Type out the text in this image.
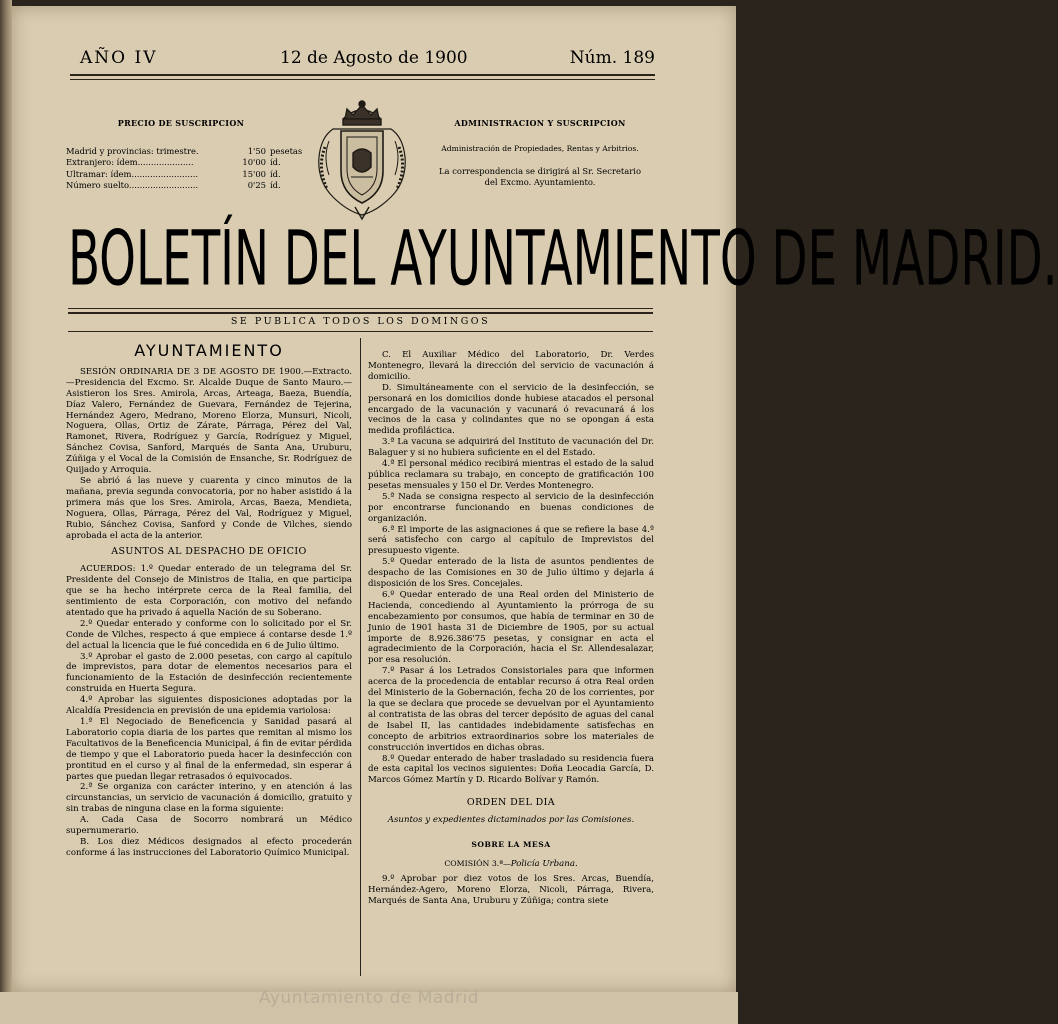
AÑO IV	12 de Agosto de 1900	Núm. 189
PRECIO DE SUSCRIPCION
Madrid y provincias: trimestre.	1'50 pesetas
Extranjero: ídem.....................	10'00 íd.
Ultramar: ídem.........................	15'00 íd.
Número suelto..........................	0'25 íd.
ADMINISTRACION Y SUSCRIPCION
Administración de Propiedades, Rentas y Arbitrios.
La correspondencia se dirigirá al Sr. Secretario
del Excmo. Ayuntamiento.
BOLETÍN DEL AYUNTAMIENTO DE MADRID.
SE PUBLICA TODOS LOS DOMINGOS
AYUNTAMIENTO

SESIÓN ORDINARIA DE 3 DE AGOSTO DE 1900.—Extracto.—Presidencia del Excmo. Sr. Alcalde Duque de Santo Mauro.—Asistieron los Sres. Amirola, Arcas, Arteaga, Baeza, Buendía, Díaz Valero, Fernández de Guevara, Fernández de Tejerina, Hernández Agero, Medrano, Moreno Elorza, Munsuri, Nicoli, Noguera, Ollas, Ortiz de Zárate, Párraga, Pérez del Val, Ramonet, Rivera, Rodríguez y García, Rodríguez y Miguel, Sánchez Covisa, Sanford, Marqués de Santa Ana, Uruburu, Zúñiga y el Vocal de la Comisión de Ensanche, Sr. Rodríguez de Quijado y Arroquia.

Se abrió á las nueve y cuarenta y cinco minutos de la mañana, previa segunda convocatoria, por no haber asistido á la primera más que los Sres. Amirola, Arcas, Baeza, Mendieta, Noguera, Ollas, Párraga, Pérez del Val, Rodríguez y Miguel, Rubio, Sánchez Covisa, Sanford y Conde de Vilches, siendo aprobada el acta de la anterior.

ASUNTOS AL DESPACHO DE OFICIO

ACUERDOS: 1.º Quedar enterado de un telegrama del Sr. Presidente del Consejo de Ministros de Italia, en que participa que se ha hecho intérprete cerca de la Real familia, del sentimiento de esta Corporación, con motivo del nefando atentado que ha privado á aquella Nación de su Soberano.

2.º Quedar enterado y conforme con lo solicitado por el Sr. Conde de Vilches, respecto á que empiece á contarse desde 1.º del actual la licencia que le fué concedida en 6 de Julio último.

3.º Aprobar el gasto de 2.000 pesetas, con cargo al capítulo de imprevistos, para dotar de elementos necesarios para el funcionamiento de la Estación de desinfección recientemente construida en Huerta Segura.

4.º Aprobar las siguientes disposiciones adoptadas por la Alcaldía Presidencia en previsión de una epidemia variolosa:

1.ª El Negociado de Beneficencia y Sanidad pasará al Laboratorio copia diaria de los partes que remitan al mismo los Facultativos de la Beneficencia Municipal, á fin de evitar pérdida de tiempo y que el Laboratorio pueda hacer la desinfección con prontitud en el curso y al final de la enfermedad, sin esperar á partes que puedan llegar retrasados ó equivocados.

2.ª Se organiza con carácter interino, y en atención á las circunstancias, un servicio de vacunación á domicilio, gratuito y sin trabas de ninguna clase en la forma siguiente:

A. Cada Casa de Socorro nombrará un Médico supernumerario.

B. Los diez Médicos designados al efecto procederán conforme á las instrucciones del Laboratorio Químico Municipal.

C. El Auxiliar Médico del Laboratorio, Dr. Verdes Montenegro, llevará la dirección del servicio de vacunación á domicilio.

D. Simultáneamente con el servicio de la desinfección, se personará en los domicilios donde hubiese atacados el personal encargado de la vacunación y vacunará ó revacunará á los vecinos de la casa y colindantes que no se opongan á esta medida profiláctica.

3.ª La vacuna se adquirirá del Instituto de vacunación del Dr. Balaguer y si no hubiera suficiente en el del Estado.

4.ª El personal médico recibirá mientras el estado de la salud pública reclamara su trabajo, en concepto de gratificación 100 pesetas mensuales y 150 el Dr. Verdes Montenegro.

5.ª Nada se consigna respecto al servicio de la desinfección por encontrarse funcionando en buenas condiciones de organización.

6.ª El importe de las asignaciones á que se refiere la base 4.ª será satisfecho con cargo al capítulo de Imprevistos del presupuesto vigente.

5.º Quedar enterado de la lista de asuntos pendientes de despacho de las Comisiones en 30 de Julio último y dejarla á disposición de los Sres. Concejales.

6.º Quedar enterado de una Real orden del Ministerio de Hacienda, concediendo al Ayuntamiento la prórroga de su encabezamiento por consumos, que había de terminar en 30 de Junio de 1901 hasta 31 de Diciembre de 1905, por su actual importe de 8.926.386'75 pesetas, y consignar en acta el agradecimiento de la Corporación, hacia el Sr. Allendesalazar, por esa resolución.

7.º Pasar á los Letrados Consistoriales para que informen acerca de la procedencia de entablar recurso á otra Real orden del Ministerio de la Gobernación, fecha 20 de los corrientes, por la que se declara que procede se devuelvan por el Ayuntamiento al contratista de las obras del tercer depósito de aguas del canal de Isabel II, las cantidades indebidamente satisfechas en concepto de arbitrios extraordinarios sobre los materiales de construcción invertidos en dichas obras.

8.º Quedar enterado de haber trasladado su residencia fuera de esta capital los vecinos siguientes: Doña Leocadia García, D. Marcos Gómez Martín y D. Ricardo Bolívar y Ramón.

ORDEN DEL DIA
Asuntos y expedientes dictaminados por las Comisiones.
SOBRE LA MESA
COMISIÓN 3.ª—Policía Urbana.

9.º Aprobar por diez votos de los Sres. Arcas, Buendía, Hernández-Agero, Moreno Elorza, Nicoli, Párraga, Rivera, Marqués de Santa Ana, Uruburu y Zúñiga; contra siete

Ayuntamiento de Madrid
